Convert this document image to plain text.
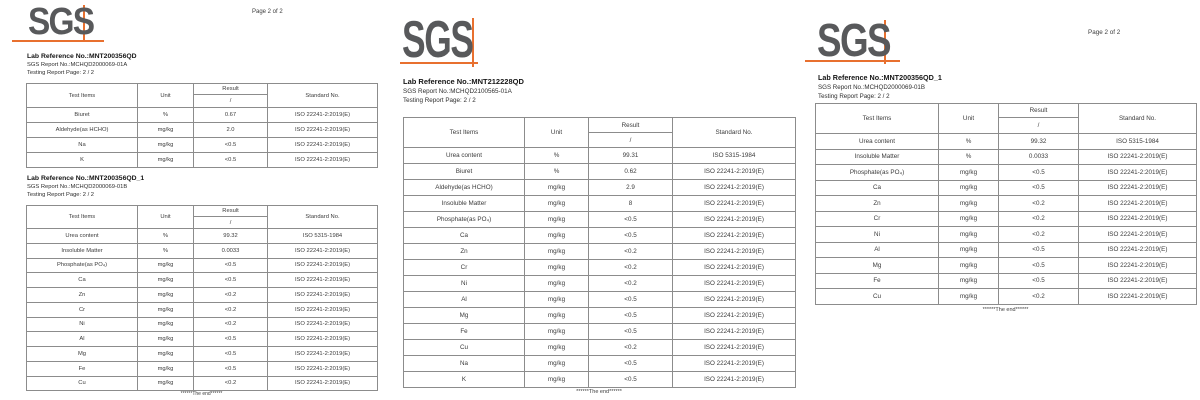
SGS	Page 2 of 2
Lab Reference No.:MNT200356QD
SGS Report No.:MCHQD2000069-01A
Testing Report Page: 2 / 2
Test Items	Unit	Result	Standard No.
		/	
Biuret	%	0.67	ISO 22241-2:2019(E)
Aldehyde(as HCHO)	mg/kg	2.0	ISO 22241-2:2019(E)
Na	mg/kg	<0.5	ISO 22241-2:2019(E)
K	mg/kg	<0.5	ISO 22241-2:2019(E)
Lab Reference No.:MNT200356QD_1
SGS Report No.:MCHQD2000069-01B
Testing Report Page: 2 / 2
Test Items	Unit	Result	Standard No.
		/	
Urea content	%	99.32	ISO 5315-1984
Insoluble Matter	%	0.0033	ISO 22241-2:2019(E)
Phosphate(as PO₄)	mg/kg	<0.5	ISO 22241-2:2019(E)
Ca	mg/kg	<0.5	ISO 22241-2:2019(E)
Zn	mg/kg	<0.2	ISO 22241-2:2019(E)
Cr	mg/kg	<0.2	ISO 22241-2:2019(E)
Ni	mg/kg	<0.2	ISO 22241-2:2019(E)
Al	mg/kg	<0.5	ISO 22241-2:2019(E)
Mg	mg/kg	<0.5	ISO 22241-2:2019(E)
Fe	mg/kg	<0.5	ISO 22241-2:2019(E)
Cu	mg/kg	<0.2	ISO 22241-2:2019(E)
******The end******
SGS
Lab Reference No.:MNT212228QD
SGS Report No.:MCHQD2100565-01A
Testing Report Page: 2 / 2
Test Items	Unit	Result	Standard No.
		/	
Urea content	%	99.31	ISO 5315-1984
Biuret	%	0.62	ISO 22241-2:2019(E)
Aldehyde(as HCHO)	mg/kg	2.9	ISO 22241-2:2019(E)
Insoluble Matter	mg/kg	8	ISO 22241-2:2019(E)
Phosphate(as PO₄)	mg/kg	<0.5	ISO 22241-2:2019(E)
Ca	mg/kg	<0.5	ISO 22241-2:2019(E)
Zn	mg/kg	<0.2	ISO 22241-2:2019(E)
Cr	mg/kg	<0.2	ISO 22241-2:2019(E)
Ni	mg/kg	<0.2	ISO 22241-2:2019(E)
Al	mg/kg	<0.5	ISO 22241-2:2019(E)
Mg	mg/kg	<0.5	ISO 22241-2:2019(E)
Fe	mg/kg	<0.5	ISO 22241-2:2019(E)
Cu	mg/kg	<0.2	ISO 22241-2:2019(E)
Na	mg/kg	<0.5	ISO 22241-2:2019(E)
K	mg/kg	<0.5	ISO 22241-2:2019(E)
******The end******
SGS	Page 2 of 2
Lab Reference No.:MNT200356QD_1
SGS Report No.:MCHQD2000069-01B
Testing Report Page: 2 / 2
Test Items	Unit	Result	Standard No.
		/	
Urea content	%	99.32	ISO 5315-1984
Insoluble Matter	%	0.0033	ISO 22241-2:2019(E)
Phosphate(as PO₄)	mg/kg	<0.5	ISO 22241-2:2019(E)
Ca	mg/kg	<0.5	ISO 22241-2:2019(E)
Zn	mg/kg	<0.2	ISO 22241-2:2019(E)
Cr	mg/kg	<0.2	ISO 22241-2:2019(E)
Ni	mg/kg	<0.2	ISO 22241-2:2019(E)
Al	mg/kg	<0.5	ISO 22241-2:2019(E)
Mg	mg/kg	<0.5	ISO 22241-2:2019(E)
Fe	mg/kg	<0.5	ISO 22241-2:2019(E)
Cu	mg/kg	<0.2	ISO 22241-2:2019(E)
******The end******
